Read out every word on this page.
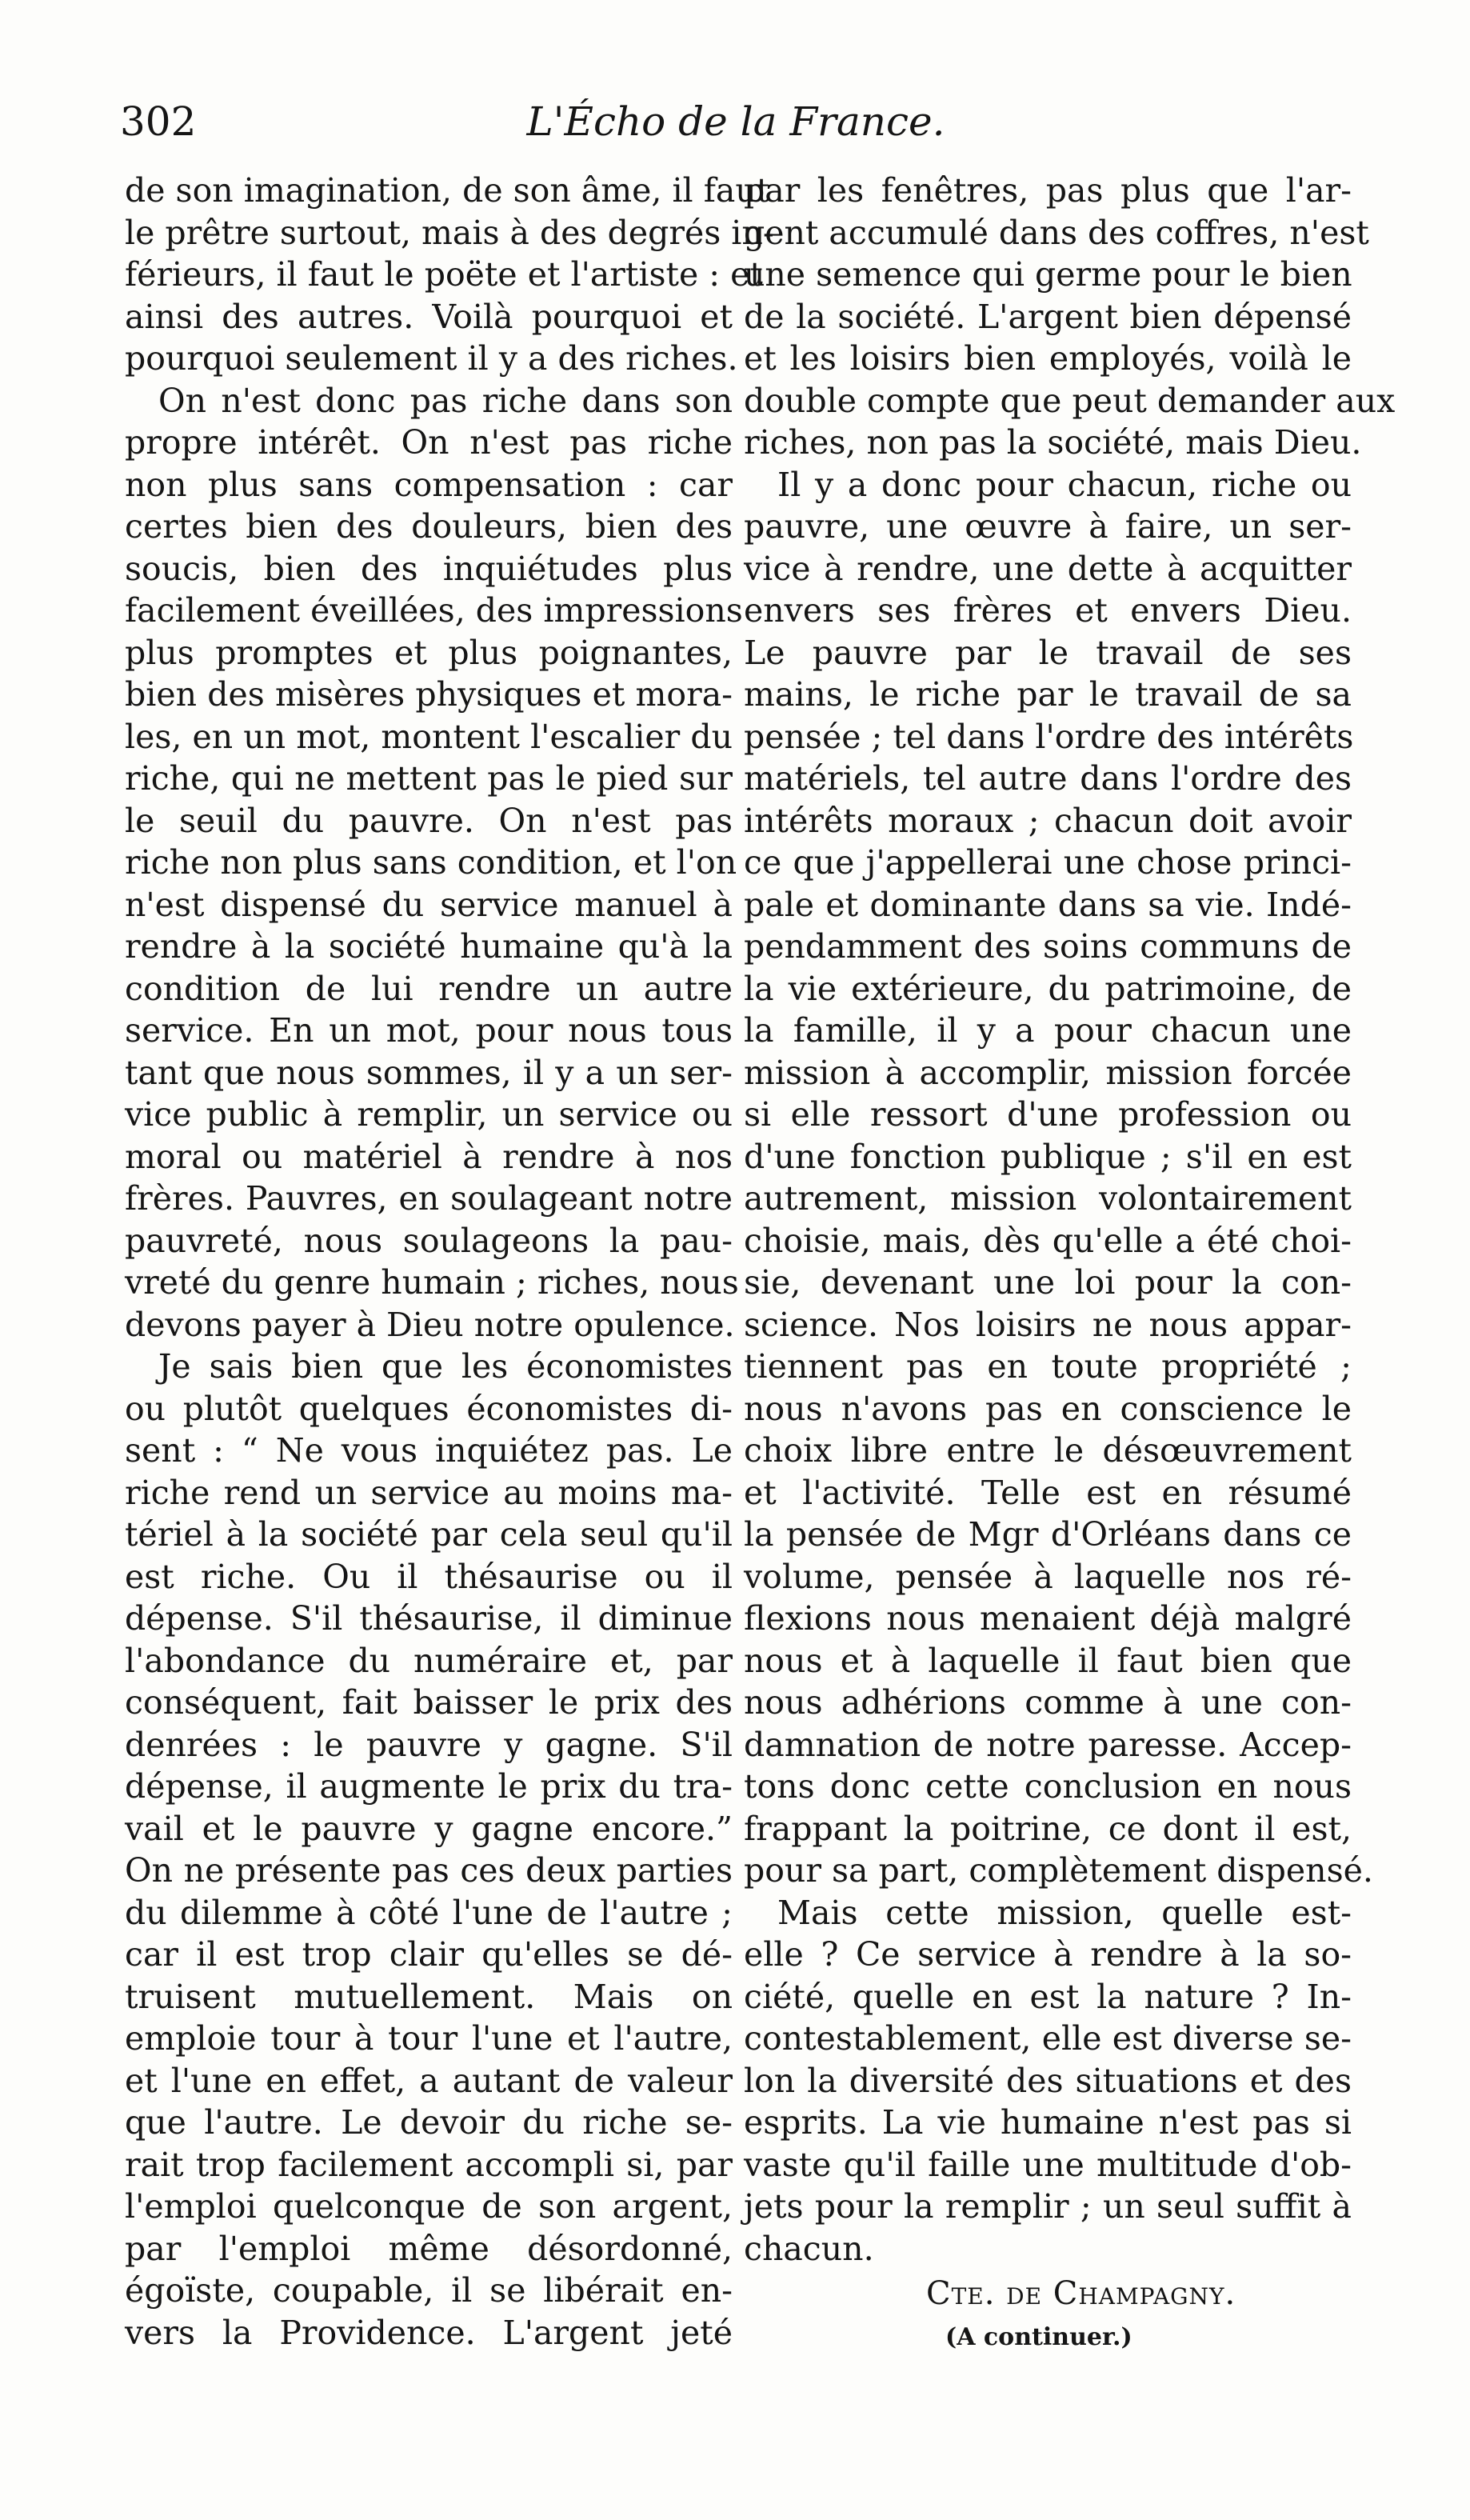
302	L'Écho de la France.
de son imagination, de son âme, il faut
le prêtre surtout, mais à des degrés in-
férieurs, il faut le poëte et l'artiste : et
ainsi des autres. Voilà pourquoi et
pourquoi seulement il y a des riches.
On n'est donc pas riche dans son
propre intérêt. On n'est pas riche
non plus sans compensation : car
certes bien des douleurs, bien des
soucis, bien des inquiétudes plus
facilement éveillées, des impressions
plus promptes et plus poignantes,
bien des misères physiques et mora-
les, en un mot, montent l'escalier du
riche, qui ne mettent pas le pied sur
le seuil du pauvre. On n'est pas
riche non plus sans condition, et l'on
n'est dispensé du service manuel à
rendre à la société humaine qu'à la
condition de lui rendre un autre
service. En un mot, pour nous tous
tant que nous sommes, il y a un ser-
vice public à remplir, un service ou
moral ou matériel à rendre à nos
frères. Pauvres, en soulageant notre
pauvreté, nous soulageons la pau-
vreté du genre humain ; riches, nous
devons payer à Dieu notre opulence.
Je sais bien que les économistes
ou plutôt quelques économistes di-
sent : “ Ne vous inquiétez pas. Le
riche rend un service au moins ma-
tériel à la société par cela seul qu'il
est riche. Ou il thésaurise ou il
dépense. S'il thésaurise, il diminue
l'abondance du numéraire et, par
conséquent, fait baisser le prix des
denrées : le pauvre y gagne. S'il
dépense, il augmente le prix du tra-
vail et le pauvre y gagne encore.”
On ne présente pas ces deux parties
du dilemme à côté l'une de l'autre ;
car il est trop clair qu'elles se dé-
truisent mutuellement. Mais on
emploie tour à tour l'une et l'autre,
et l'une en effet, a autant de valeur
que l'autre. Le devoir du riche se-
rait trop facilement accompli si, par
l'emploi quelconque de son argent,
par l'emploi même désordonné,
égoïste, coupable, il se libérait en-
vers la Providence. L'argent jeté
par les fenêtres, pas plus que l'ar-
gent accumulé dans des coffres, n'est
une semence qui germe pour le bien
de la société. L'argent bien dépensé
et les loisirs bien employés, voilà le
double compte que peut demander aux
riches, non pas la société, mais Dieu.
Il y a donc pour chacun, riche ou
pauvre, une œuvre à faire, un ser-
vice à rendre, une dette à acquitter
envers ses frères et envers Dieu.
Le pauvre par le travail de ses
mains, le riche par le travail de sa
pensée ; tel dans l'ordre des intérêts
matériels, tel autre dans l'ordre des
intérêts moraux ; chacun doit avoir
ce que j'appellerai une chose princi-
pale et dominante dans sa vie. Indé-
pendamment des soins communs de
la vie extérieure, du patrimoine, de
la famille, il y a pour chacun une
mission à accomplir, mission forcée
si elle ressort d'une profession ou
d'une fonction publique ; s'il en est
autrement, mission volontairement
choisie, mais, dès qu'elle a été choi-
sie, devenant une loi pour la con-
science. Nos loisirs ne nous appar-
tiennent pas en toute propriété ;
nous n'avons pas en conscience le
choix libre entre le désœuvrement
et l'activité. Telle est en résumé
la pensée de Mgr d'Orléans dans ce
volume, pensée à laquelle nos ré-
flexions nous menaient déjà malgré
nous et à laquelle il faut bien que
nous adhérions comme à une con-
damnation de notre paresse. Accep-
tons donc cette conclusion en nous
frappant la poitrine, ce dont il est,
pour sa part, complètement dispensé.
Mais cette mission, quelle est-
elle ? Ce service à rendre à la so-
ciété, quelle en est la nature ? In-
contestablement, elle est diverse se-
lon la diversité des situations et des
esprits. La vie humaine n'est pas si
vaste qu'il faille une multitude d'ob-
jets pour la remplir ; un seul suffit à
chacun.
Cte. de Champagny.
(A continuer.)
